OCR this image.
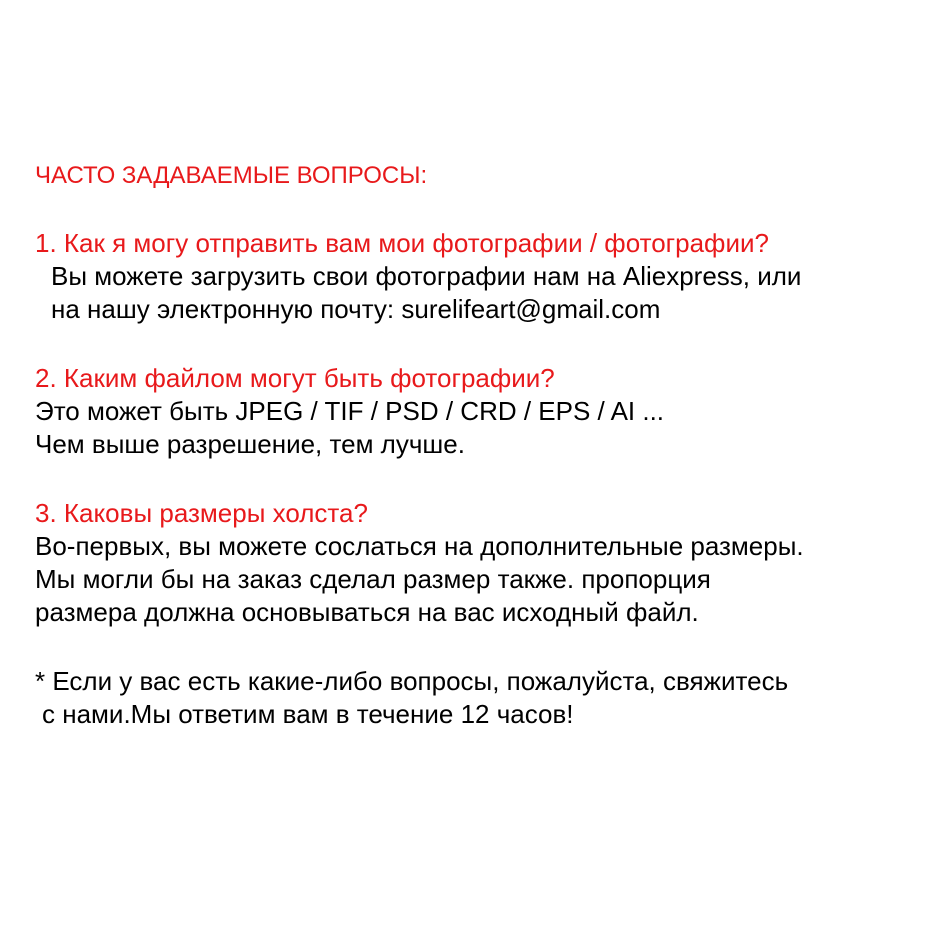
ЧАСТО ЗАДАВАЕМЫЕ ВОПРОСЫ:
1. Как я могу отправить вам мои фотографии / фотографии?
Вы можете загрузить свои фотографии нам на Aliexpress, или
на нашу электронную почту: surelifeart@gmail.com
2. Каким файлом могут быть фотографии?
Это может быть JPEG / TIF / PSD / CRD / EPS / AI ...
Чем выше разрешение, тем лучше.
3. Каковы размеры холста?
Во-первых, вы можете сослаться на дополнительные размеры.
Мы могли бы на заказ сделал размер также. пропорция
размера должна основываться на вас исходный файл.
* Если у вас есть какие-либо вопросы, пожалуйста, свяжитесь
с нами.Мы ответим вам в течение 12 часов!
